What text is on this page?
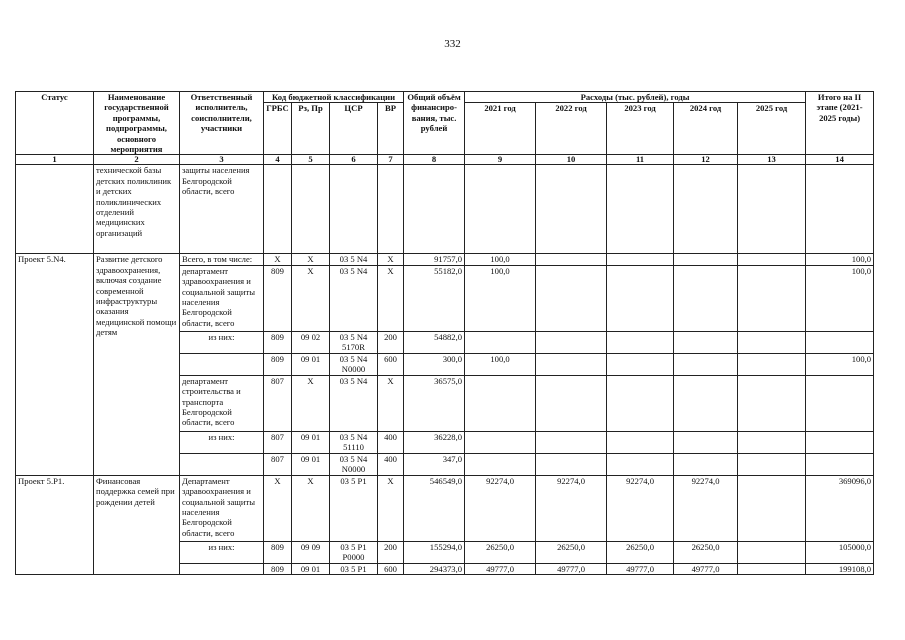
332
Статус	Наименование государственной программы, подпрограммы, основного мероприятия	Ответственный исполнитель, соисполнители, участники	Код бюджетной классификации				Общий объём финансиро-вания, тыс. рублей	Расходы (тыс. рублей), годы					Итого на II этапе (2021-2025 годы)
			ГРБС	Рз, Пр	ЦСР	ВР		2021 год	2022 год	2023 год	2024 год	2025 год	
1	2	3	4	5	6	7	8	9	10	11	12	13	14
	технической базы детских поликлиник и детских поликлинических отделений медицинских организаций	защиты населения Белгородской области, всего											
Проект 5.N4.	Развитие детского здравоохранения, включая создание современной инфраструктуры оказания медицинской помощи детям	Всего, в том числе:	X	X	03 5 N4	X	91757,0	100,0					100,0
		департамент здравоохранения и социальной защиты населения Белгородской области, всего	809	X	03 5 N4	X	55182,0	100,0					100,0
		из них:	809	09 02	03 5 N4 5170R	200	54882,0						
			809	09 01	03 5 N4 N0000	600	300,0	100,0					100,0
		департамент строительства и транспорта Белгородской области, всего	807	X	03 5 N4	X	36575,0						
		из них:	807	09 01	03 5 N4 51110	400	36228,0						
			807	09 01	03 5 N4 N0000	400	347,0						
Проект 5.P1.	Финансовая поддержка семей при рождении детей	Департамент здравоохранения и социальной защиты населения Белгородской области, всего	X	X	03 5 P1	X	546549,0	92274,0	92274,0	92274,0	92274,0		369096,0
		из них:	809	09 09	03 5 P1 P0000	200	155294,0	26250,0	26250,0	26250,0	26250,0		105000,0
			809	09 01	03 5 P1	600	294373,0	49777,0	49777,0	49777,0	49777,0		199108,0
